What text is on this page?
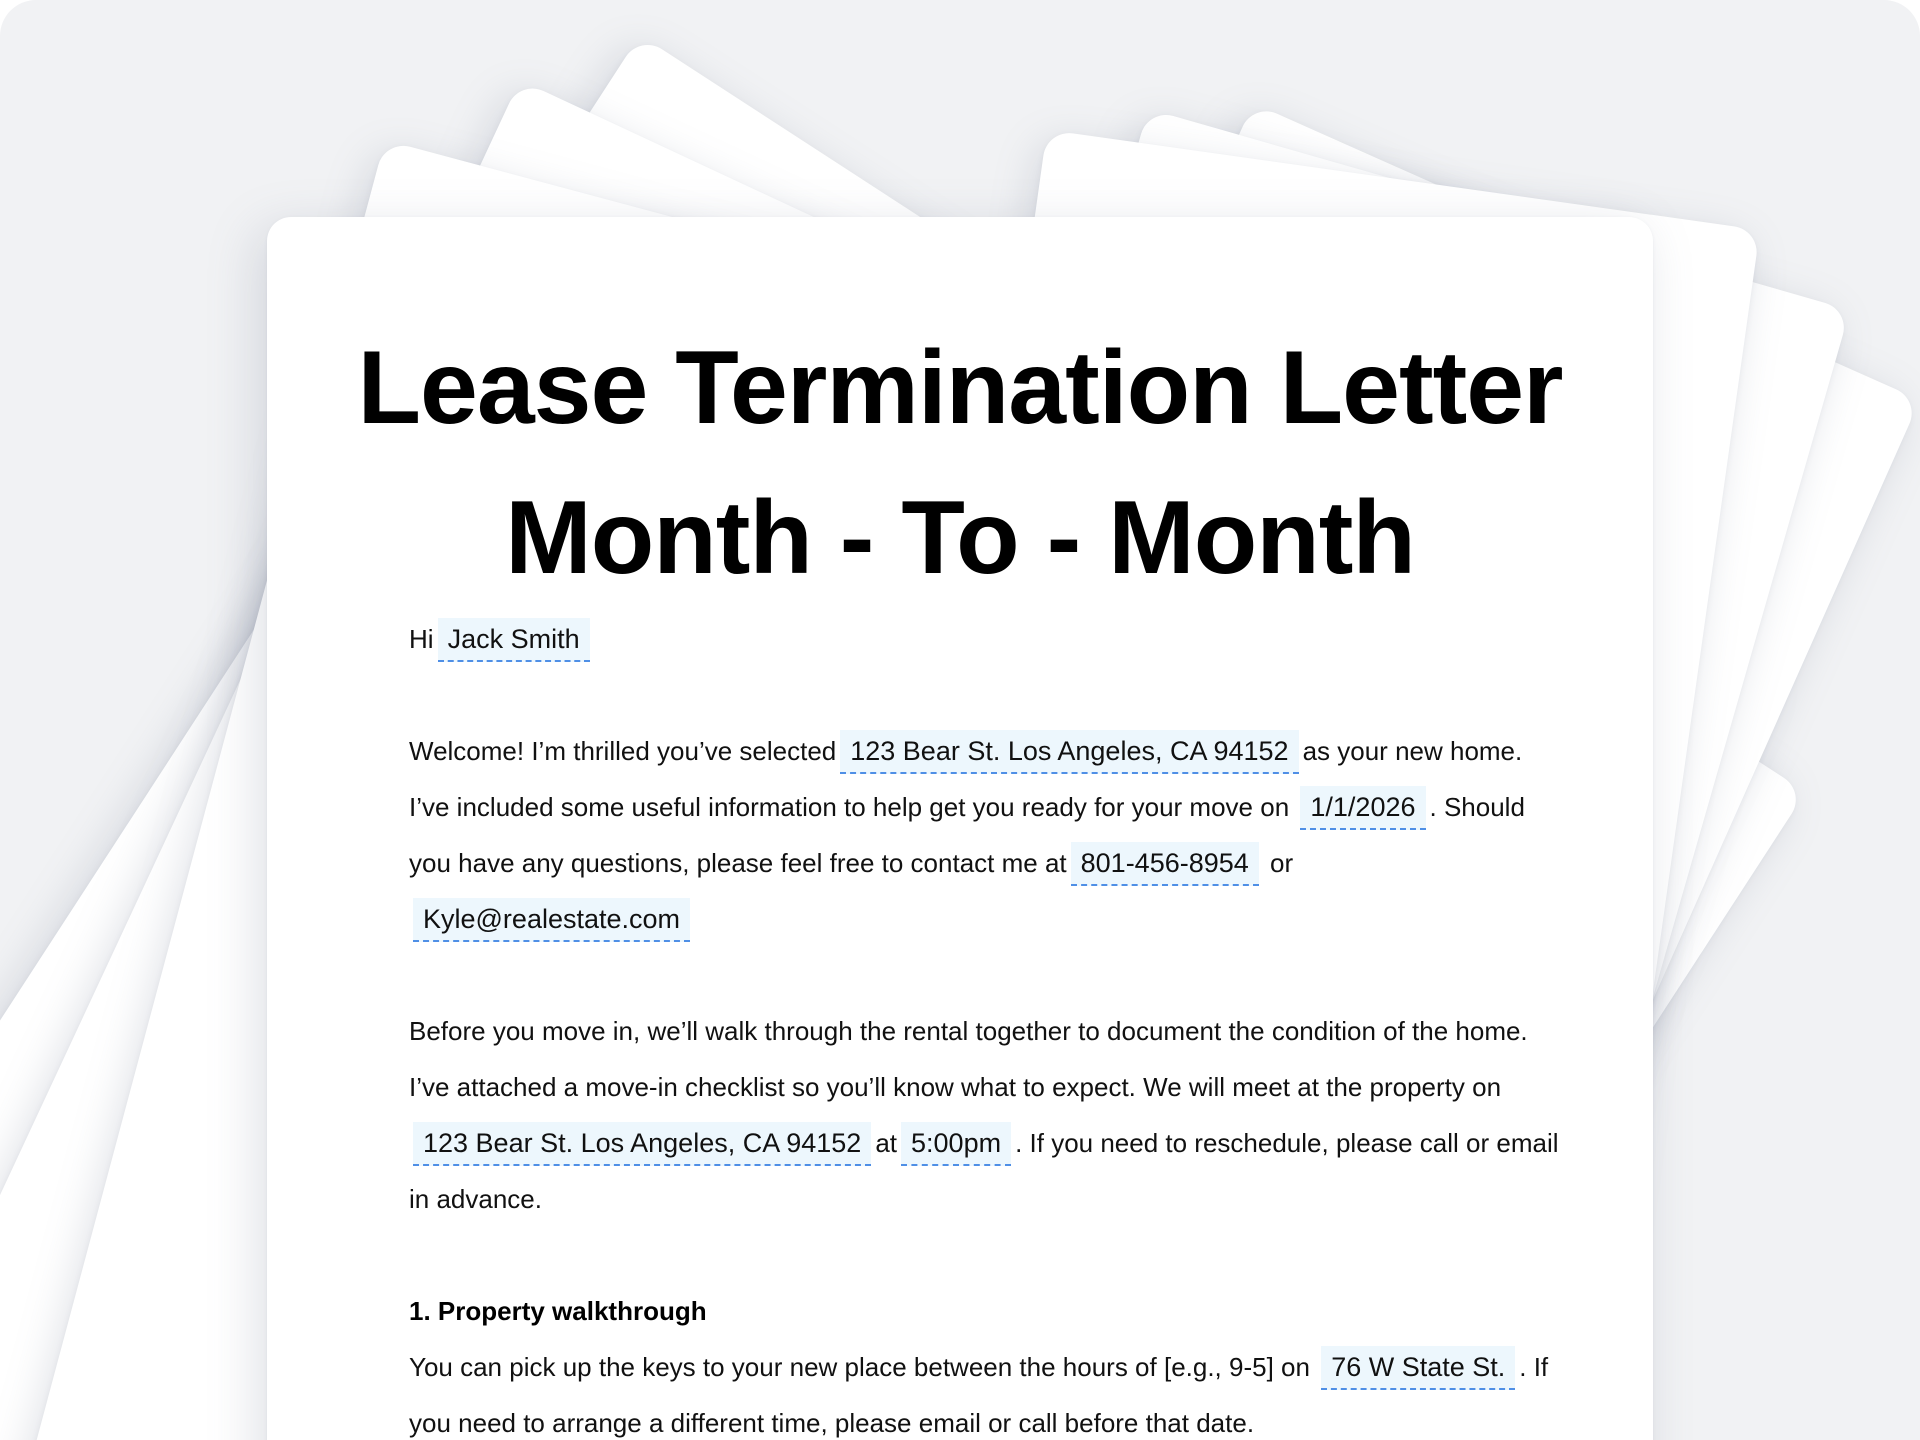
Lease Termination Letter
Month - To - Month

Hi Jack Smith

Welcome! I’m thrilled you’ve selected 123 Bear St. Los Angeles, CA 94152 as your new home. I’ve included some useful information to help get you ready for your move on 1/1/2026 . Should you have any questions, please feel free to contact me at 801-456-8954 orKyle@realestate.com

Before you move in, we’ll walk through the rental together to document the condition of the home. I’ve attached a move-in checklist so you’ll know what to expect. We will meet at the property on123 Bear St. Los Angeles, CA 94152 at 5:00pm . If you need to reschedule, please call or email in advance.

1. Property walkthrough

You can pick up the keys to your new place between the hours of [e.g., 9-5] on 76 W State St. . If you need to arrange a different time, please email or call before that date.
